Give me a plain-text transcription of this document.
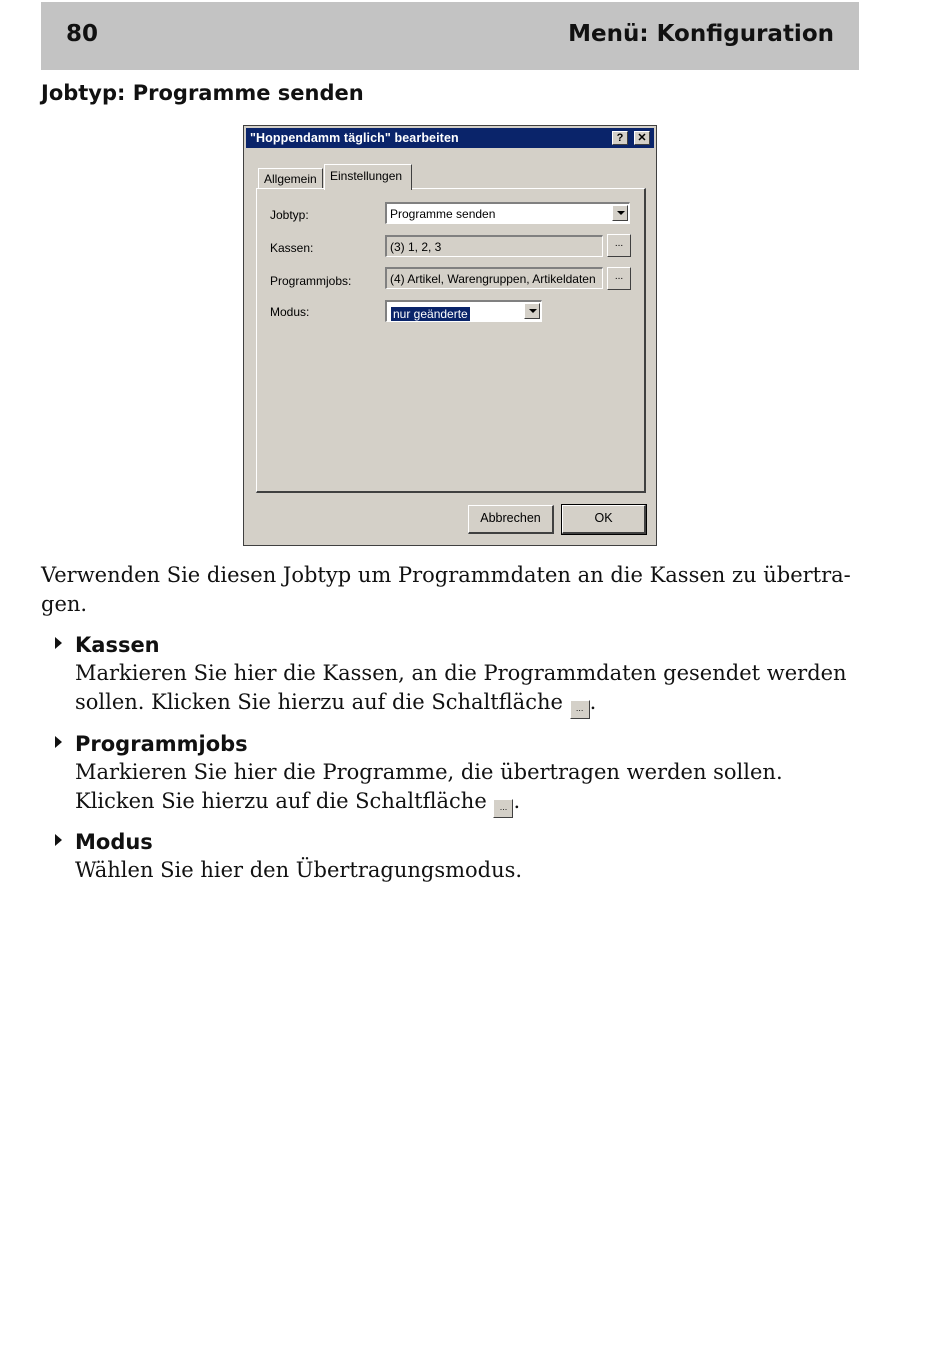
80	Menü: Konfiguration
Jobtyp: Programme senden
"Hoppendamm täglich" bearbeiten	?	✕
Allgemein Einstellungen
Jobtyp:	Programme senden
Kassen:	(3) 1, 2, 3	...
Programmjobs:	(4) Artikel, Warengruppen, Artikeldaten	...
Modus:	nur geänderte
Abbrechen	OK
Verwenden Sie diesen Jobtyp um Programmdaten an die Kassen zu übertra-gen.
Kassen
Markieren Sie hier die Kassen, an die Programmdaten gesendet werden sollen. Klicken Sie hierzu auf die Schaltfläche ... .
Programmjobs
Markieren Sie hier die Programme, die übertragen werden sollen. Klicken Sie hierzu auf die Schaltfläche ... .
Modus
Wählen Sie hier den Übertragungsmodus.
